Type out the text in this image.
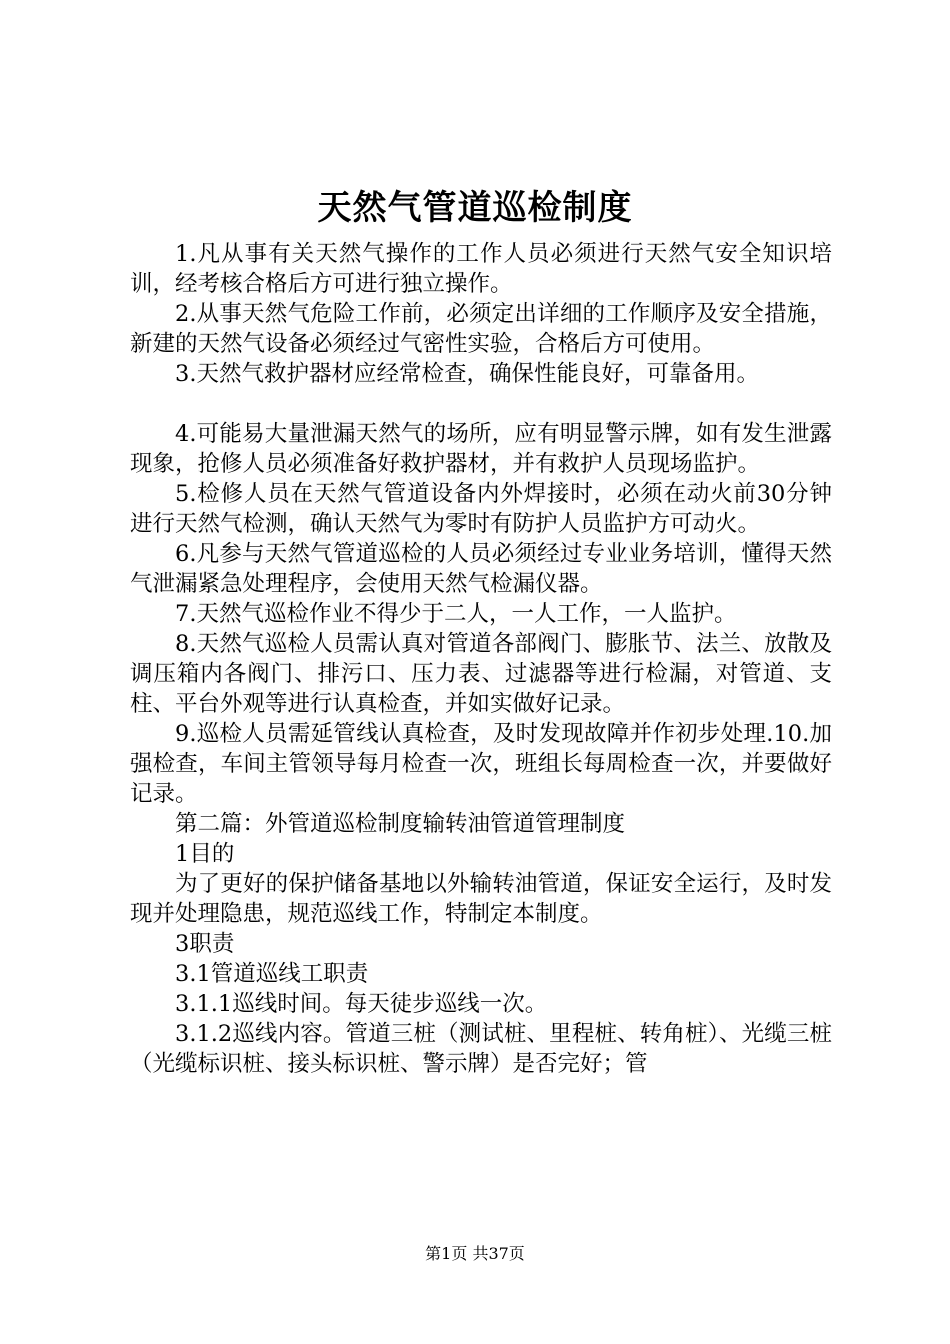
天然气管道巡检制度

1.凡从事有关天然气操作的工作人员必须进行天然气安全知识培训，经考核合格后方可进行独立操作。

2.从事天然气危险工作前，必须定出详细的工作顺序及安全措施，新建的天然气设备必须经过气密性实验，合格后方可使用。

3.天然气救护器材应经常检查，确保性能良好，可靠备用。

4.可能易大量泄漏天然气的场所，应有明显警示牌，如有发生泄露现象，抢修人员必须准备好救护器材，并有救护人员现场监护。

5.检修人员在天然气管道设备内外焊接时，必须在动火前30分钟进行天然气检测，确认天然气为零时有防护人员监护方可动火。

6.凡参与天然气管道巡检的人员必须经过专业业务培训，懂得天然气泄漏紧急处理程序，会使用天然气检漏仪器。

7.天然气巡检作业不得少于二人，一人工作，一人监护。

8.天然气巡检人员需认真对管道各部阀门、膨胀节、法兰、放散及调压箱内各阀门、排污口、压力表、过滤器等进行检漏，对管道、支柱、平台外观等进行认真检查，并如实做好记录。

9.巡检人员需延管线认真检查，及时发现故障并作初步处理.10.加强检查，车间主管领导每月检查一次，班组长每周检查一次，并要做好记录。

第二篇：外管道巡检制度输转油管道管理制度

1目的

为了更好的保护储备基地以外输转油管道，保证安全运行，及时发现并处理隐患，规范巡线工作，特制定本制度。

3职责

3.1管道巡线工职责

3.1.1巡线时间。每天徒步巡线一次。

3.1.2巡线内容。管道三桩（测试桩、里程桩、转角桩）、光缆三桩（光缆标识桩、接头标识桩、警示牌）是否完好；管

第1页 共37页
